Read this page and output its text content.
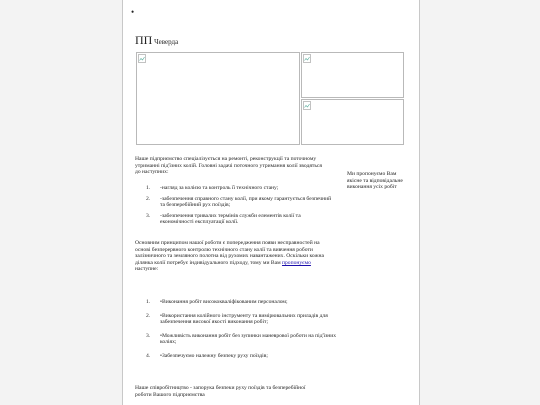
•
ПП Чеверда
Наше підприємство спеціалізується на ремонті, реконструкції та поточному утриманні під'їзних колій. Головні задачі поточного утримання колії зводяться до наступних:
1. -нагляд за колією та контроль її технічного стану;
2. -забезпечення справного стану колії, при якому гарантується безпечний та безперебійний рух поїздів;
3. -забезпечення тривалих термінів служби елементів колії та економічності експлуатації колії.
Основним принципом нашої роботи є попередження появи несправностей на основі безперервного контролю технічного стану колії та вивчення роботи залізничного та земляного полотна від рухомих навантажених. Оскільки кожна ділянка колії потребує індивідуального підходу, тому ми Вам пропонуємо наступне:
1. •Виконання робіт висококваліфікованим персоналом;
2. •Використання колійного інструменту та вимірювальних приладів для забезпечення високої якості виконання робіт;
3. •Можливість виконання робіт без зупинки маневрової роботи на під'їзних коліях;
4. •Забезпечуємо належну безпеку руху поїздів;
Наше співробітництво - запорука безпеки руху поїздів та безперебійної роботи Вашого підприємства
Ми пропонуємо Вам якісне та відповідальне виконання усіх робіт
